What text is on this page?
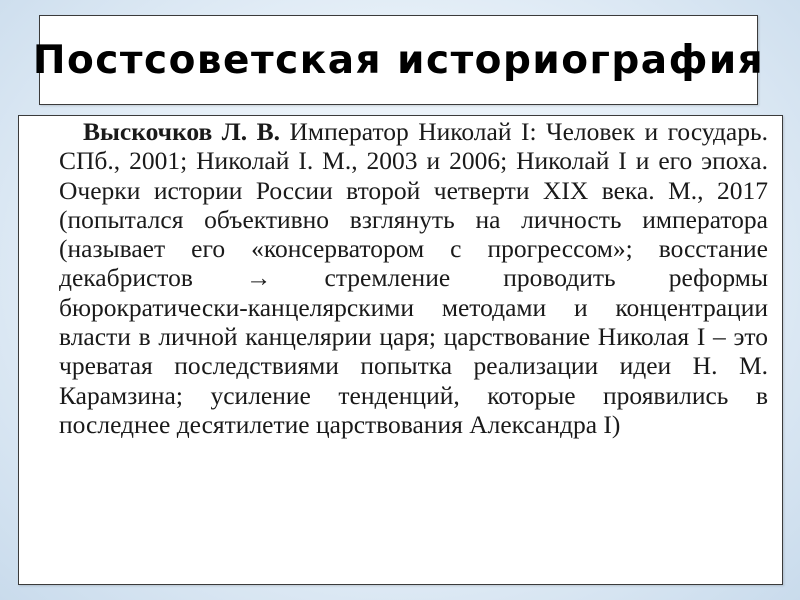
Постсоветская историография

Выскочков Л. В. Император Николай I: Человек и государь. СПб., 2001; Николай I. М., 2003 и 2006; Николай I и его эпоха. Очерки истории России второй четверти XIX века. М., 2017 (попытался объективно взглянуть на личность императора (называет его «консерватором с прогрессом»; восстание декабристов → стремление проводить реформы бюрократически-канцелярскими методами и концентрации власти в личной канцелярии царя; царствование Николая I – это чреватая последствиями попытка реализации идеи Н. М. Карамзина; усиление тенденций, которые проявились в последнее десятилетие царствования Александра I)
